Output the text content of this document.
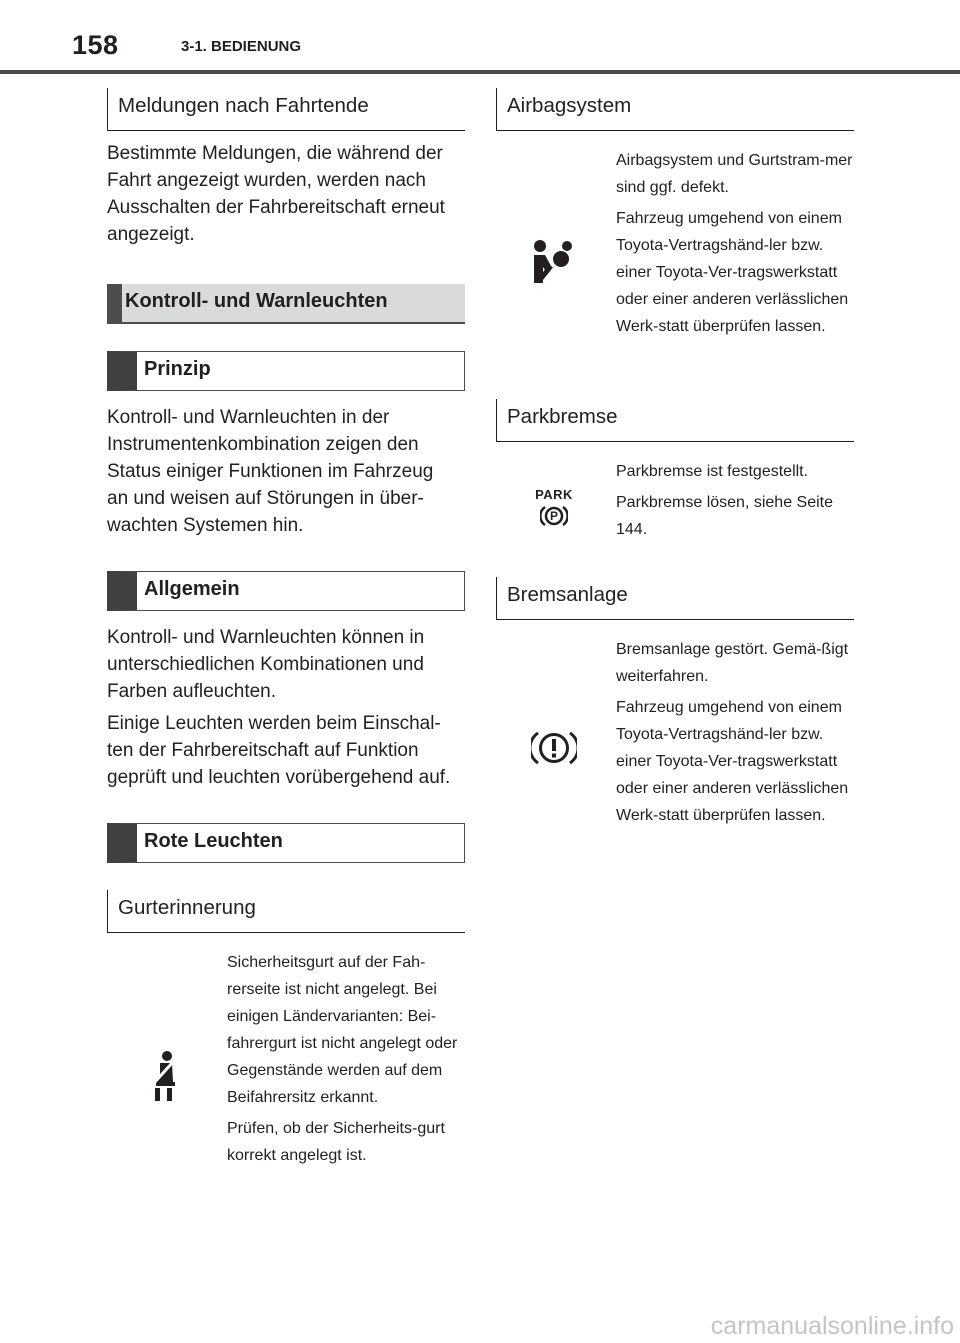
158	3-1. BEDIENUNG
Meldungen nach Fahrtende

Bestimmte Meldungen, die während der Fahrt angezeigt wurden, werden nach Ausschalten der Fahrbereitschaft erneut angezeigt.

Kontroll- und Warnleuchten
Prinzip

Kontroll- und Warnleuchten in der Instrumentenkombination zeigen den Status einiger Funktionen im Fahrzeug an und weisen auf Störungen in über-wachten Systemen hin.

Allgemein

Kontroll- und Warnleuchten können in unterschiedlichen Kombinationen und Farben aufleuchten.

Einige Leuchten werden beim Einschal-ten der Fahrbereitschaft auf Funktion geprüft und leuchten vorübergehend auf.

Rote Leuchten
Gurterinnerung

Sicherheitsgurt auf der Fah-rerseite ist nicht angelegt. Bei einigen Ländervarianten: Bei-fahrergurt ist nicht angelegt oder Gegenstände werden auf dem Beifahrersitz erkannt.

Prüfen, ob der Sicherheits-gurt korrekt angelegt ist.

Airbagsystem

Airbagsystem und Gurtstram-mer sind ggf. defekt.

Fahrzeug umgehend von einem Toyota-Vertragshänd-ler bzw. einer Toyota-Ver-tragswerkstatt oder einer anderen verlässlichen Werk-statt überprüfen lassen.

Parkbremse
PARK
P

Parkbremse ist festgestellt.

Parkbremse lösen, siehe Seite 144.

Bremsanlage

Bremsanlage gestört. Gemä-ßigt weiterfahren.

Fahrzeug umgehend von einem Toyota-Vertragshänd-ler bzw. einer Toyota-Ver-tragswerkstatt oder einer anderen verlässlichen Werk-statt überprüfen lassen.

carmanualsonline.info
